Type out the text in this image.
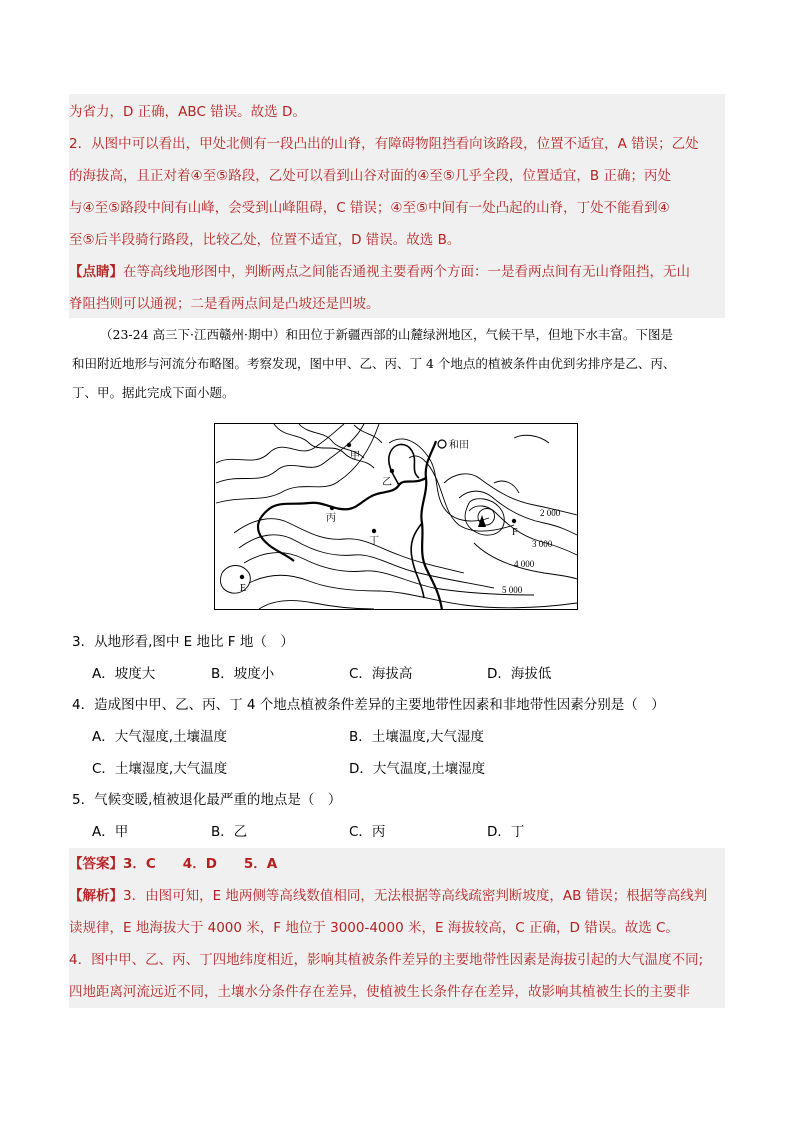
为省力，D 正确，ABC 错误。故选 D。
2．从图中可以看出，甲处北侧有一段凸出的山脊，有障碍物阻挡看向该路段，位置不适宜，A 错误；乙处
的海拔高，且正对着④至⑤路段，乙处可以看到山谷对面的④至⑤几乎全段，位置适宜，B 正确；丙处
与④至⑤路段中间有山峰，会受到山峰阻碍，C 错误；④至⑤中间有一处凸起的山脊，丁处不能看到④
至⑤后半段骑行路段，比较乙处，位置不适宜，D 错误。故选 B。
【点睛】在等高线地形图中，判断两点之间能否通视主要看两个方面：一是看两点间有无山脊阻挡，无山
脊阻挡则可以通视；二是看两点间是凸坡还是凹坡。
（23-24 高三下·江西赣州·期中）和田位于新疆西部的山麓绿洲地区，气候干旱，但地下水丰富。下图是
和田附近地形与河流分布略图。考察发现，图中甲、乙、丙、丁 4 个地点的植被条件由优到劣排序是乙、丙、
丁、甲。据此完成下面小题。
甲
乙
丙
丁
和田
E
F
2 000
3 000
4 000
5 000
3．从地形看,图中 E 地比 F 地（　）
A．坡度大	B．坡度小	C．海拔高	D．海拔低
4．造成图中甲、乙、丙、丁 4 个地点植被条件差异的主要地带性因素和非地带性因素分别是（　）
A．大气湿度,土壤温度	B．土壤温度,大气湿度
C．土壤湿度,大气温度	D．大气温度,土壤湿度
5．气候变暖,植被退化最严重的地点是（　）
A．甲	B．乙	C．丙	D．丁
【答案】3．C　　4．D　　5．A
【解析】3．由图可知，E 地两侧等高线数值相同，无法根据等高线疏密判断坡度，AB 错误；根据等高线判
读规律，E 地海拔大于 4000 米，F 地位于 3000-4000 米，E 海拔较高，C 正确，D 错误。故选 C。
4．图中甲、乙、丙、丁四地纬度相近，影响其植被条件差异的主要地带性因素是海拔引起的大气温度不同;
四地距离河流远近不同，土壤水分条件存在差异，使植被生长条件存在差异，故影响其植被生长的主要非
